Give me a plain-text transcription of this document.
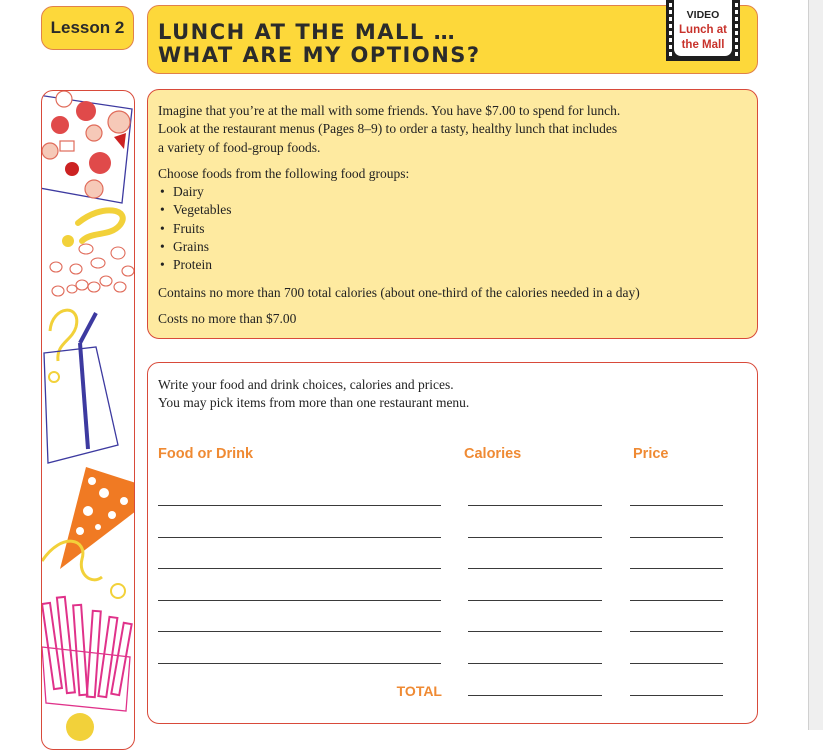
Lesson 2 LUNCH AT THE MALL …
WHAT ARE MY OPTIONS?
VIDEO
Lunch at
the Mall

Imagine that you’re at the mall with some friends. You have $7.00 to spend for lunch.
Look at the restaurant menus (Pages 8–9) to order a tasty, healthy lunch that includes
a variety of food-group foods.

Choose foods from the following food groups:

• Dairy
• Vegetables
• Fruits
• Grains
• Protein

Contains no more than 700 total calories (about one-third of the calories needed in a day)

Costs no more than $7.00

Write your food and drink choices, calories and prices.

You may pick items from more than one restaurant menu.

Food or Drink	Calories	Price
TOTAL
